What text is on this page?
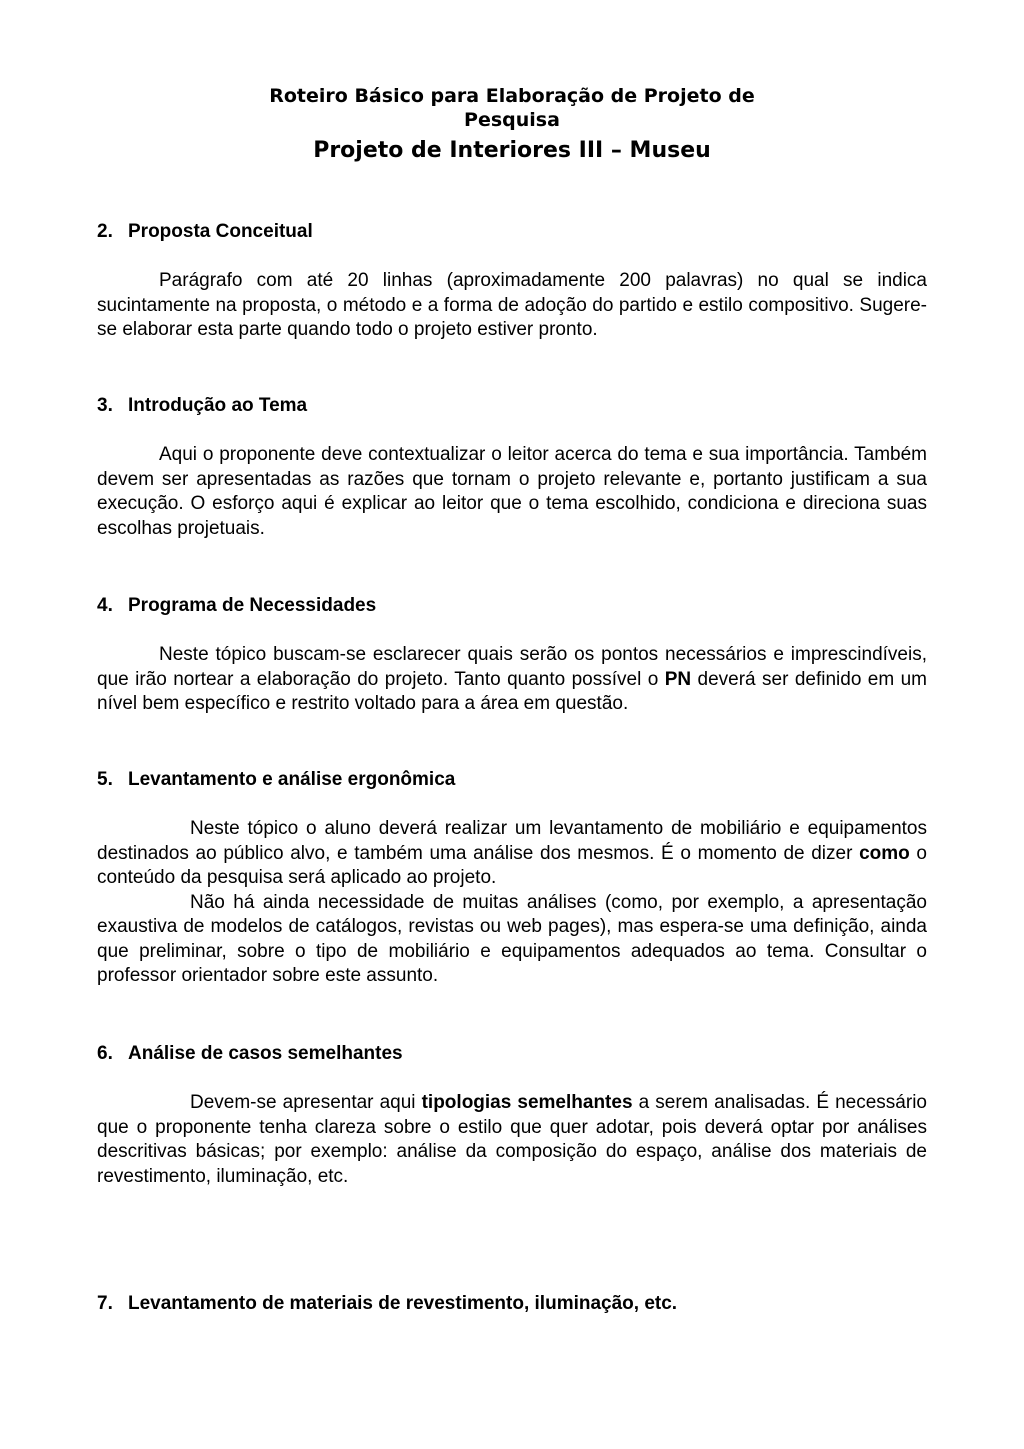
Roteiro Básico para Elaboração de Projeto de
Pesquisa
Projeto de Interiores III – Museu
2. Proposta Conceitual

Parágrafo com até 20 linhas (aproximadamente 200 palavras) no qual se indica sucintamente na proposta, o método e a forma de adoção do partido e estilo compositivo. Sugere-se elaborar esta parte quando todo o projeto estiver pronto.

3. Introdução ao Tema

Aqui o proponente deve contextualizar o leitor acerca do tema e sua importância. Também devem ser apresentadas as razões que tornam o projeto relevante e, portanto justificam a sua execução. O esforço aqui é explicar ao leitor que o tema escolhido, condiciona e direciona suas escolhas projetuais.

4. Programa de Necessidades

Neste tópico buscam-se esclarecer quais serão os pontos necessários e imprescindíveis, que irão nortear a elaboração do projeto. Tanto quanto possível o PN deverá ser definido em um nível bem específico e restrito voltado para a área em questão.

5. Levantamento e análise ergonômica

Neste tópico o aluno deverá realizar um levantamento de mobiliário e equipamentos destinados ao público alvo, e também uma análise dos mesmos. É o momento de dizer como o conteúdo da pesquisa será aplicado ao projeto.

Não há ainda necessidade de muitas análises (como, por exemplo, a apresentação exaustiva de modelos de catálogos, revistas ou web pages), mas espera-se uma definição, ainda que preliminar, sobre o tipo de mobiliário e equipamentos adequados ao tema. Consultar o professor orientador sobre este assunto.

6. Análise de casos semelhantes

Devem-se apresentar aqui tipologias semelhantes a serem analisadas. É necessário que o proponente tenha clareza sobre o estilo que quer adotar, pois deverá optar por análises descritivas básicas; por exemplo: análise da composição do espaço, análise dos materiais de revestimento, iluminação, etc.

7. Levantamento de materiais de revestimento, iluminação, etc.
